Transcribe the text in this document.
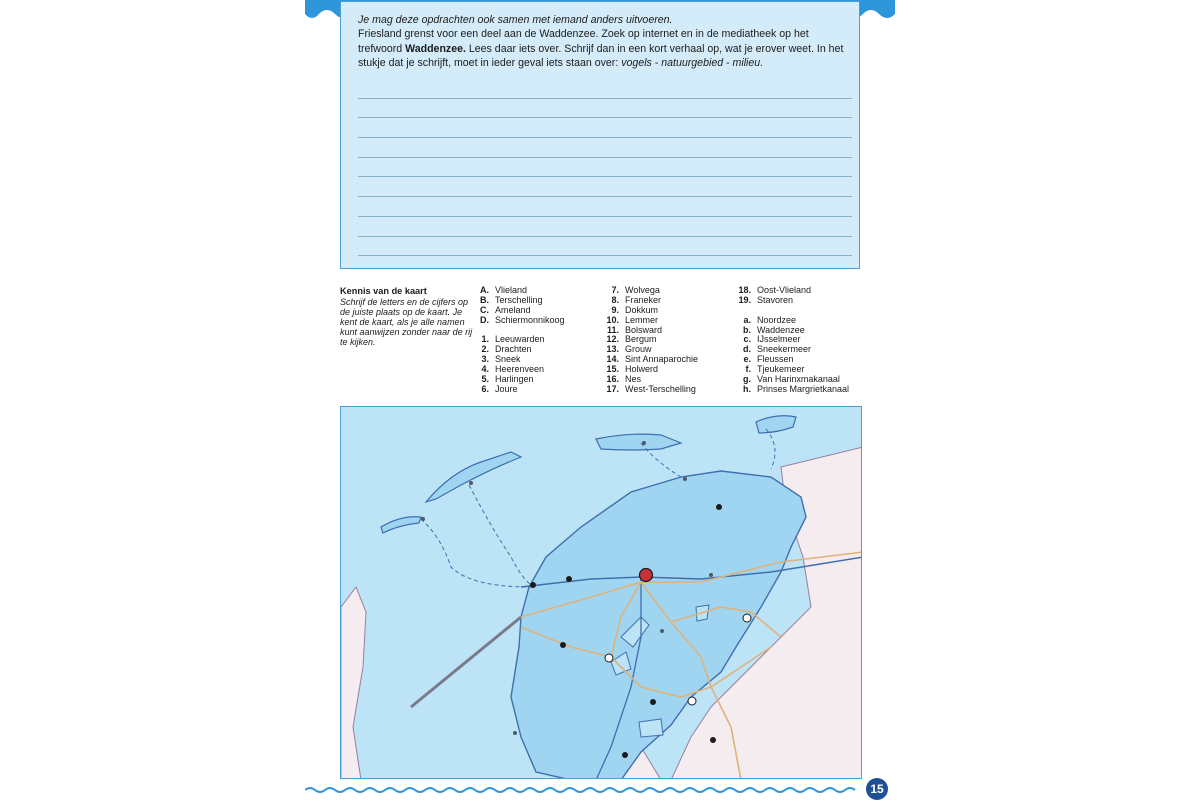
Je mag deze opdrachten ook samen met iemand anders uitvoeren.
Friesland grenst voor een deel aan de Waddenzee. Zoek op internet en in de mediatheek op het trefwoord Waddenzee. Lees daar iets over. Schrijf dan in een kort verhaal op, wat je erover weet. In het stukje dat je schrijft, moet in ieder geval iets staan over: vogels - natuurgebied - milieu.
Kennis van de kaart
Schrijf de letters en de cijfers op de juiste plaats op de kaart. Je kent de kaart, als je alle namen kunt aanwijzen zonder naar de rij te kijken.
A. Vlieland
B. Terschelling
C. Ameland
D. Schiermonnikoog
1. Leeuwarden
2. Drachten
3. Sneek
4. Heerenveen
5. Harlingen
6. Joure
7. Wolvega
8. Franeker
9. Dokkum
10. Lemmer
11. Bolsward
12. Bergum
13. Grouw
14. Sint Annaparochie
15. Holwerd
16. Nes
17. West-Terschelling
18. Oost-Vlieland
19. Stavoren
a. Noordzee
b. Waddenzee
c. IJsselmeer
d. Sneekermeer
e. Fleussen
f. Tjeukemeer
g. Van Harinxmakanaal
h. Prinses Margrietkanaal
15
